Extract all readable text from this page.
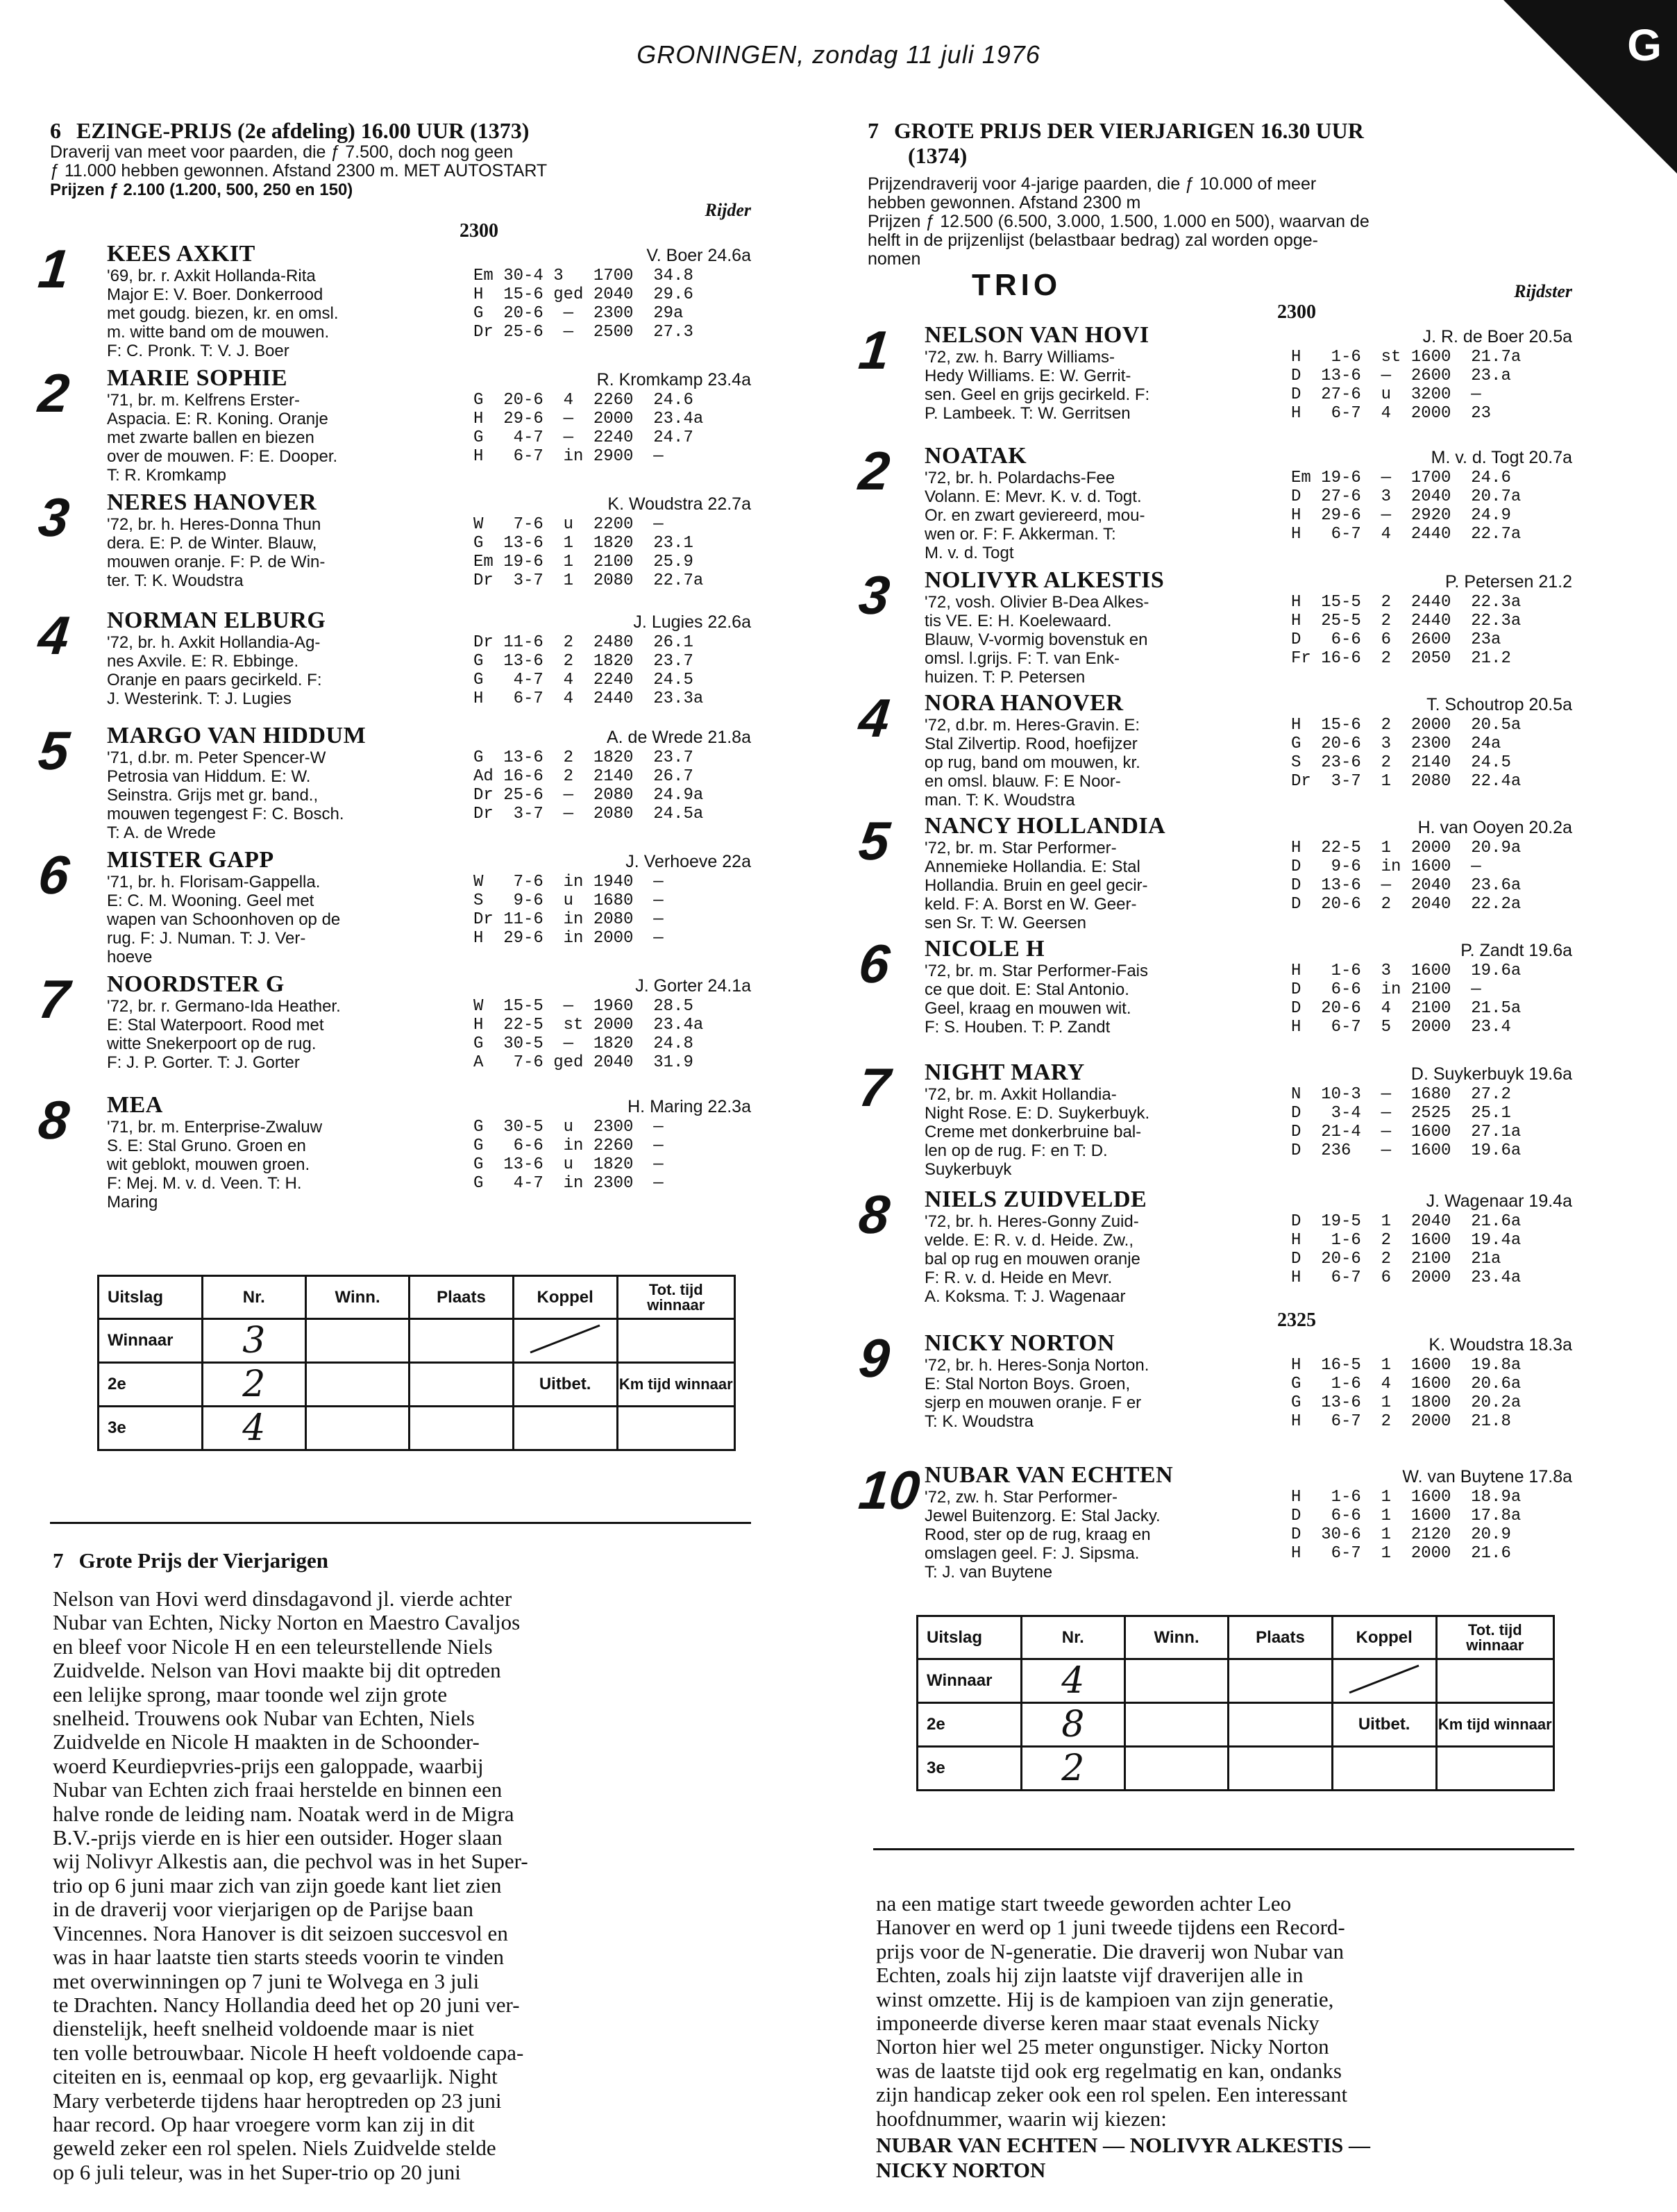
G
GRONINGEN, zondag 11 juli 1976
6 EZINGE-PRIJS (2e afdeling) 16.00 UUR (1373)
Draverij van meet voor paarden, die ƒ 7.500, doch nog geen
ƒ 11.000 hebben gewonnen. Afstand 2300 m. MET AUTOSTART
Prijzen ƒ 2.100 (1.200, 500, 250 en 150)
Rijder
2300
1 KEES AXKIT	V. Boer 24.6a
'69, br. r. Axkit Hollanda-Rita
Major E: V. Boer. Donkerrood
met goudg. biezen, kr. en omsl.
m. witte band om de mouwen.
F: C. Pronk. T: V. J. Boer
Em 30-4 3   1700  34.8
H  15-6 ged 2040  29.6
G  20-6  —  2300  29a
Dr 25-6  —  2500  27.3
2 MARIE SOPHIE	R. Kromkamp 23.4a
'71, br. m. Kelfrens Erster-
Aspacia. E: R. Koning. Oranje
met zwarte ballen en biezen
over de mouwen. F: E. Dooper.
T: R. Kromkamp
G  20-6  4  2260  24.6
H  29-6  —  2000  23.4a
G   4-7  —  2240  24.7
H   6-7  in 2900  —
3 NERES HANOVER	K. Woudstra 22.7a
'72, br. h. Heres-Donna Thun
dera. E: P. de Winter. Blauw,
mouwen oranje. F: P. de Win-
ter. T: K. Woudstra
W   7-6  u  2200  —
G  13-6  1  1820  23.1
Em 19-6  1  2100  25.9
Dr  3-7  1  2080  22.7a
4 NORMAN ELBURG	J. Lugies 22.6a
'72, br. h. Axkit Hollandia-Ag-
nes Axvile. E: R. Ebbinge.
Oranje en paars gecirkeld. F:
J. Westerink. T: J. Lugies
Dr 11-6  2  2480  26.1
G  13-6  2  1820  23.7
G   4-7  4  2240  24.5
H   6-7  4  2440  23.3a
5 MARGO VAN HIDDUM	A. de Wrede 21.8a
'71, d.br. m. Peter Spencer-W
Petrosia van Hiddum. E: W.
Seinstra. Grijs met gr. band.,
mouwen tegengest F: C. Bosch.
T: A. de Wrede
G  13-6  2  1820  23.7
Ad 16-6  2  2140  26.7
Dr 25-6  —  2080  24.9a
Dr  3-7  —  2080  24.5a
6 MISTER GAPP	J. Verhoeve 22a
'71, br. h. Florisam-Gappella.
E: C. M. Wooning. Geel met
wapen van Schoonhoven op de
rug. F: J. Numan. T: J. Ver-
hoeve
W   7-6  in 1940  —
S   9-6  u  1680  —
Dr 11-6  in 2080  —
H  29-6  in 2000  —
7 NOORDSTER G	J. Gorter 24.1a
'72, br. r. Germano-Ida Heather.
E: Stal Waterpoort. Rood met
witte Snekerpoort op de rug.
F: J. P. Gorter. T: J. Gorter
W  15-5  —  1960  28.5
H  22-5  st 2000  23.4a
G  30-5  —  1820  24.8
A   7-6 ged 2040  31.9
8 MEA	H. Maring 22.3a
'71, br. m. Enterprise-Zwaluw
S. E: Stal Gruno. Groen en
wit geblokt, mouwen groen.
F: Mej. M. v. d. Veen. T: H.
Maring
G  30-5  u  2300  —
G   6-6  in 2260  —
G  13-6  u  1820  —
G   4-7  in 2300  —
Uitslag	Nr.	Winn.	Plaats	Koppel	Tot. tijd winnaar
Winnaar	3				
2e	2			Uitbet.	Km tijd winnaar
3e	4				
7 Grote Prijs der Vierjarigen
Nelson van Hovi werd dinsdagavond jl. vierde achter
Nubar van Echten, Nicky Norton en Maestro Cavaljos
en bleef voor Nicole H en een teleurstellende Niels
Zuidvelde. Nelson van Hovi maakte bij dit optreden
een lelijke sprong, maar toonde wel zijn grote
snelheid. Trouwens ook Nubar van Echten, Niels
Zuidvelde en Nicole H maakten in de Schoonder-
woerd Keurdiepvries-prijs een galoppade, waarbij
Nubar van Echten zich fraai herstelde en binnen een
halve ronde de leiding nam. Noatak werd in de Migra
B.V.-prijs vierde en is hier een outsider. Hoger slaan
wij Nolivyr Alkestis aan, die pechvol was in het Super-
trio op 6 juni maar zich van zijn goede kant liet zien
in de draverij voor vierjarigen op de Parijse baan
Vincennes. Nora Hanover is dit seizoen succesvol en
was in haar laatste tien starts steeds voorin te vinden
met overwinningen op 7 juni te Wolvega en 3 juli
te Drachten. Nancy Hollandia deed het op 20 juni ver-
dienstelijk, heeft snelheid voldoende maar is niet
ten volle betrouwbaar. Nicole H heeft voldoende capa-
citeiten en is, eenmaal op kop, erg gevaarlijk. Night
Mary verbeterde tijdens haar heroptreden op 23 juni
haar record. Op haar vroegere vorm kan zij in dit
geweld zeker een rol spelen. Niels Zuidvelde stelde
op 6 juli teleur, was in het Super-trio op 20 juni
7 GROTE PRIJS DER VIERJARIGEN 16.30 UUR
(1374)
Prijzendraverij voor 4-jarige paarden, die ƒ 10.000 of meer
hebben gewonnen. Afstand 2300 m
Prijzen ƒ 12.500 (6.500, 3.000, 1.500, 1.000 en 500), waarvan de
helft in de prijzenlijst (belastbaar bedrag) zal worden opge-
nomen
TRIO	Rijdster
2300
1 NELSON VAN HOVI	J. R. de Boer 20.5a
'72, zw. h. Barry Williams-
Hedy Williams. E: W. Gerrit-
sen. Geel en grijs gecirkeld. F:
P. Lambeek. T: W. Gerritsen
H   1-6  st 1600  21.7a
D  13-6  —  2600  23.a
D  27-6  u  3200  —
H   6-7  4  2000  23
2 NOATAK	M. v. d. Togt 20.7a
'72, br. h. Polardachs-Fee
Volann. E: Mevr. K. v. d. Togt.
Or. en zwart geviereerd, mou-
wen or. F: F. Akkerman. T:
M. v. d. Togt
Em 19-6  —  1700  24.6
D  27-6  3  2040  20.7a
H  29-6  —  2920  24.9
H   6-7  4  2440  22.7a
3 NOLIVYR ALKESTIS	P. Petersen 21.2
'72, vosh. Olivier B-Dea Alkes-
tis VE. E: H. Koelewaard.
Blauw, V-vormig bovenstuk en
omsl. l.grijs. F: T. van Enk-
huizen. T: P. Petersen
H  15-5  2  2440  22.3a
H  25-5  2  2440  22.3a
D   6-6  6  2600  23a
Fr 16-6  2  2050  21.2
4 NORA HANOVER	T. Schoutrop 20.5a
'72, d.br. m. Heres-Gravin. E:
Stal Zilvertip. Rood, hoefijzer
op rug, band om mouwen, kr.
en omsl. blauw. F: E Noor-
man. T: K. Woudstra
H  15-6  2  2000  20.5a
G  20-6  3  2300  24a
S  23-6  2  2140  24.5
Dr  3-7  1  2080  22.4a
5 NANCY HOLLANDIA	H. van Ooyen 20.2a
'72, br. m. Star Performer-
Annemieke Hollandia. E: Stal
Hollandia. Bruin en geel gecir-
keld. F: A. Borst en W. Geer-
sen Sr. T: W. Geersen
H  22-5  1  2000  20.9a
D   9-6  in 1600  —
D  13-6  —  2040  23.6a
D  20-6  2  2040  22.2a
6 NICOLE H	P. Zandt 19.6a
'72, br. m. Star Performer-Fais
ce que doit. E: Stal Antonio.
Geel, kraag en mouwen wit.
F: S. Houben. T: P. Zandt
H   1-6  3  1600  19.6a
D   6-6  in 2100  —
D  20-6  4  2100  21.5a
H   6-7  5  2000  23.4
7 NIGHT MARY	D. Suykerbuyk 19.6a
'72, br. m. Axkit Hollandia-
Night Rose. E: D. Suykerbuyk.
Creme met donkerbruine bal-
len op de rug. F: en T: D.
Suykerbuyk
N  10-3  —  1680  27.2
D   3-4  —  2525  25.1
D  21-4  —  1600  27.1a
D  236   —  1600  19.6a
8 NIELS ZUIDVELDE	J. Wagenaar 19.4a
'72, br. h. Heres-Gonny Zuid-
velde. E: R. v. d. Heide. Zw.,
bal op rug en mouwen oranje
F: R. v. d. Heide en Mevr.
A. Koksma. T: J. Wagenaar
D  19-5  1  2040  21.6a
H   1-6  2  1600  19.4a
D  20-6  2  2100  21a
H   6-7  6  2000  23.4a
2325
9 NICKY NORTON	K. Woudstra 18.3a
'72, br. h. Heres-Sonja Norton.
E: Stal Norton Boys. Groen,
sjerp en mouwen oranje. F er
T: K. Woudstra
H  16-5  1  1600  19.8a
G   1-6  4  1600  20.6a
G  13-6  1  1800  20.2a
H   6-7  2  2000  21.8
10 NUBAR VAN ECHTEN	W. van Buytene 17.8a
'72, zw. h. Star Performer-
Jewel Buitenzorg. E: Stal Jacky.
Rood, ster op de rug, kraag en
omslagen geel. F: J. Sipsma.
T: J. van Buytene
H   1-6  1  1600  18.9a
D   6-6  1  1600  17.8a
D  30-6  1  2120  20.9
H   6-7  1  2000  21.6
Uitslag	Nr.	Winn.	Plaats	Koppel	Tot. tijd winnaar
Winnaar	4				
2e	8			Uitbet.	Km tijd winnaar
3e	2				
na een matige start tweede geworden achter Leo
Hanover en werd op 1 juni tweede tijdens een Record-
prijs voor de N-generatie. Die draverij won Nubar van
Echten, zoals hij zijn laatste vijf draverijen alle in
winst omzette. Hij is de kampioen van zijn generatie,
imponeerde diverse keren maar staat evenals Nicky
Norton hier wel 25 meter ongunstiger. Nicky Norton
was de laatste tijd ook erg regelmatig en kan, ondanks
zijn handicap zeker ook een rol spelen. Een interessant
hoofdnummer, waarin wij kiezen:
NUBAR VAN ECHTEN — NOLIVYR ALKESTIS —
NICKY NORTON
